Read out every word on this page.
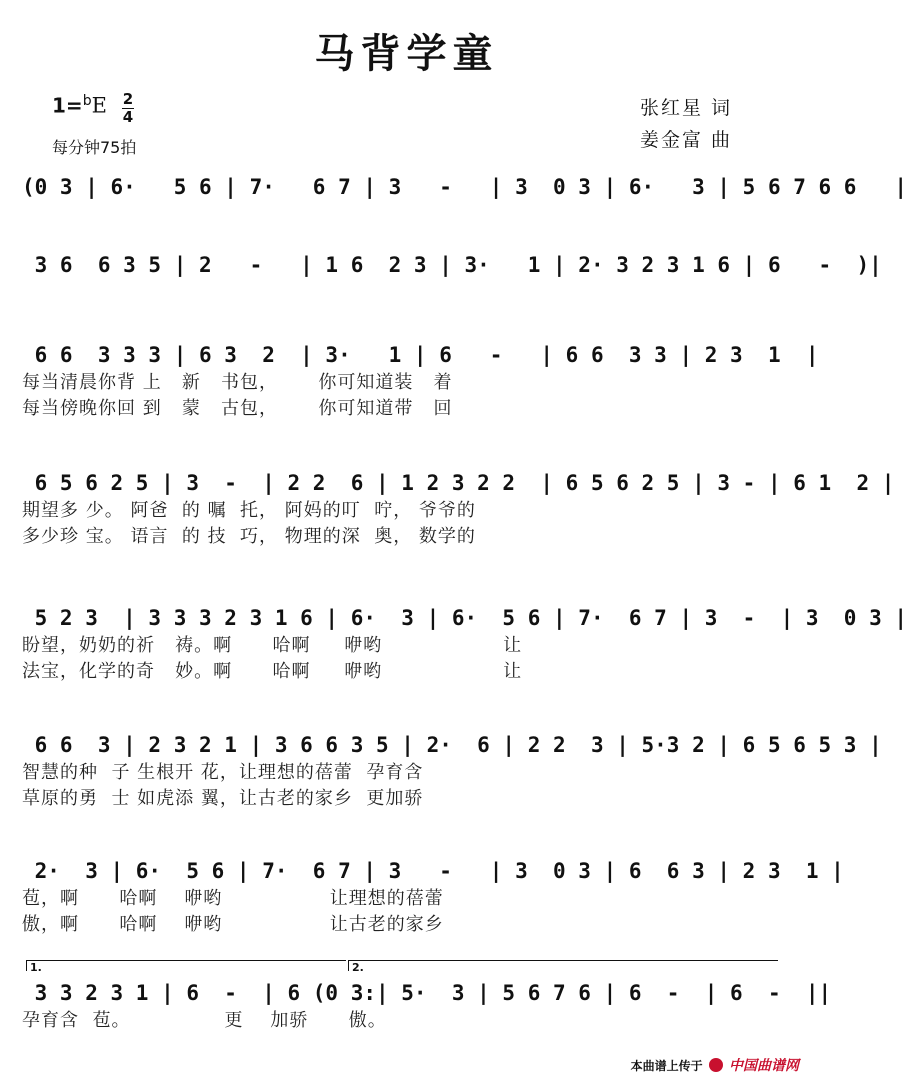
马背学童
1=$^b$E 2
4
每分钟75拍
张红星 词
姜金富 曲
(0 3 | 6·   5 6 | 7·   6 7 | 3   -   | 3  0 3 | 6·   3 | 5 6 7 6 6   |
3 6  6 3 5 | 2   -   | 1 6  2 3 | 3·   1 | 2· 3 2 3 1 6 | 6   -  )|
6 6  3 3 3 | 6 3  2  | 3·   1 | 6   -   | 6 6  3 3 | 2 3  1  |
每当清晨你背 上   新   书包，      你可知道装   着
每当傍晚你回 到   蒙   古包，      你可知道带   回
6 5 6 2 5 | 3  -  | 2 2  6 | 1 2 3 2 2  | 6 5 6 2 5 | 3 - | 6 1  2 |
期望多 少。 阿爸  的 嘱  托， 阿妈的叮  咛， 爷爷的
多少珍 宝。 语言  的 技  巧， 物理的深  奥， 数学的
5 2 3  | 3 3 3 2 3 1 6 | 6·  3 | 6·  5 6 | 7·  6 7 | 3  -  | 3  0 3 |
盼望，奶奶的祈   祷。啊      哈啊     咿哟                  让
法宝，化学的奇   妙。啊      哈啊     咿哟                  让
6 6  3 | 2 3 2 1 | 3 6 6 3 5 | 2·  6 | 2 2  3 | 5·3 2 | 6 5 6 5 3 |
智慧的种  子 生根开 花，让理想的蓓蕾  孕育含
草原的勇  士 如虎添 翼，让古老的家乡  更加骄
2·  3 | 6·  5 6 | 7·  6 7 | 3   -   | 3  0 3 | 6  6 3 | 2 3  1 |
苞，啊      哈啊    咿哟                让理想的蓓蕾
傲，啊      哈啊    咿哟                让古老的家乡
1.	2.
3 3 2 3 1 | 6  -  | 6 (0 3:| 5·  3 | 5 6 7 6 | 6  -  | 6  -  ||
孕育含  苞。              更    加骄      傲。
本曲谱上传于 中国曲谱网
